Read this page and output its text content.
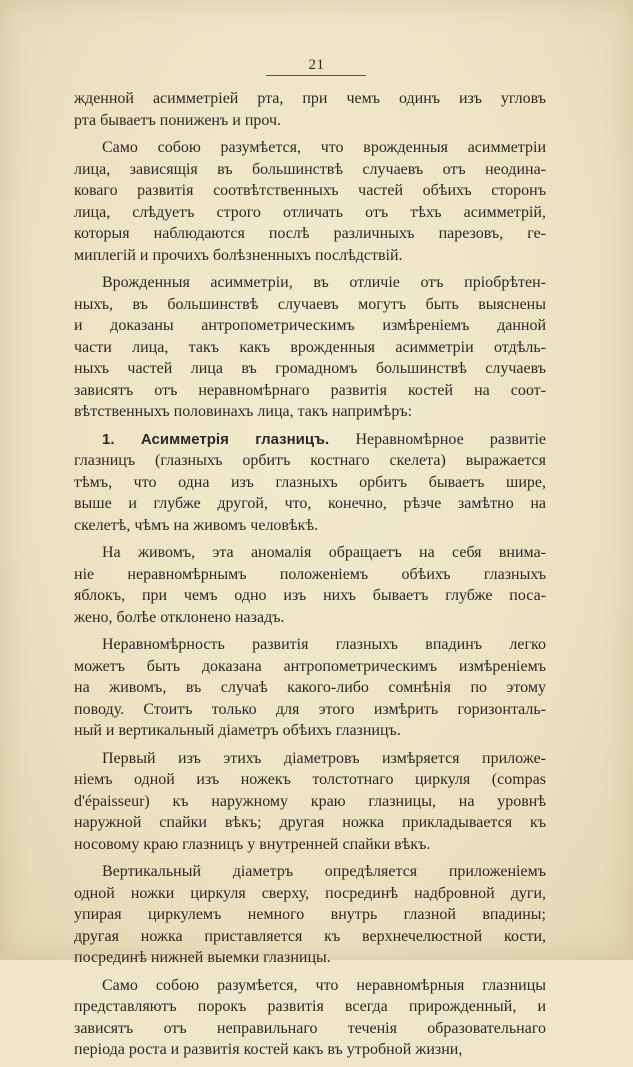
21

жденной асимметріей рта, при чемъ одинъ изъ угловъ
рта бываетъ пониженъ и проч.

Само собою разумѣется, что врожденныя асимметріи
лица, зависящія въ большинствѣ случаевъ отъ неодина-
коваго развитія соотвѣтственныхъ частей обѣихъ сторонъ
лица, слѣдуетъ строго отличать отъ тѣхъ асимметрій,
которыя наблюдаются послѣ различныхъ парезовъ, ге-
миплегій и прочихъ болѣзненныхъ послѣдствій.

Врожденныя асимметріи, въ отличіе отъ пріобрѣтен-
ныхъ, въ большинствѣ случаевъ могутъ быть выяснены
и доказаны антропометрическимъ измѣреніемъ данной
части лица, такъ какъ врожденныя асимметріи отдѣль-
ныхъ частей лица въ громадномъ большинствѣ случаевъ
зависятъ отъ неравномѣрнаго развитія костей на соот-
вѣтственныхъ половинахъ лица, такъ напримѣръ:

1. Асимметрія глазницъ. Неравномѣрное развитіе
глазницъ (глазныхъ орбитъ костнаго скелета) выражается
тѣмъ, что одна изъ глазныхъ орбитъ бываетъ шире,
выше и глубже другой, что, конечно, рѣзче замѣтно на
скелетѣ, чѣмъ на живомъ человѣкѣ.

На живомъ, эта аномалія обращаетъ на себя внима-
ніе неравномѣрнымъ положеніемъ обѣихъ глазныхъ
яблокъ, при чемъ одно изъ нихъ бываетъ глубже поса-
жено, болѣе отклонено назадъ.

Неравномѣрность развитія глазныхъ впадинъ легко
можетъ быть доказана антропометрическимъ измѣреніемъ
на живомъ, въ случаѣ какого-либо сомнѣнія по этому
поводу. Стоитъ только для этого измѣрить горизонталь-
ный и вертикальный діаметръ обѣихъ глазницъ.

Первый изъ этихъ діаметровъ измѣряется приложе-
ніемъ одной изъ ножекъ толстотнаго циркуля (compas
d'épaisseur) къ наружному краю глазницы, на уровнѣ
наружной спайки вѣкъ; другая ножка прикладывается къ
носовому краю глазницъ у внутренней спайки вѣкъ.

Вертикальный діаметръ опредѣляется приложеніемъ
одной ножки циркуля сверху, посрединѣ надбровной дуги,
упирая циркулемъ немного внутрь глазной впадины;
другая ножка приставляется къ верхнечелюстной кости,
посрединѣ нижней выемки глазницы.

Само собою разумѣется, что неравномѣрныя глазницы
представляютъ порокъ развитія всегда прирожденный, и
зависятъ отъ неправильнаго теченія образовательнаго
періода роста и развитія костей какъ въ утробной жизни,
